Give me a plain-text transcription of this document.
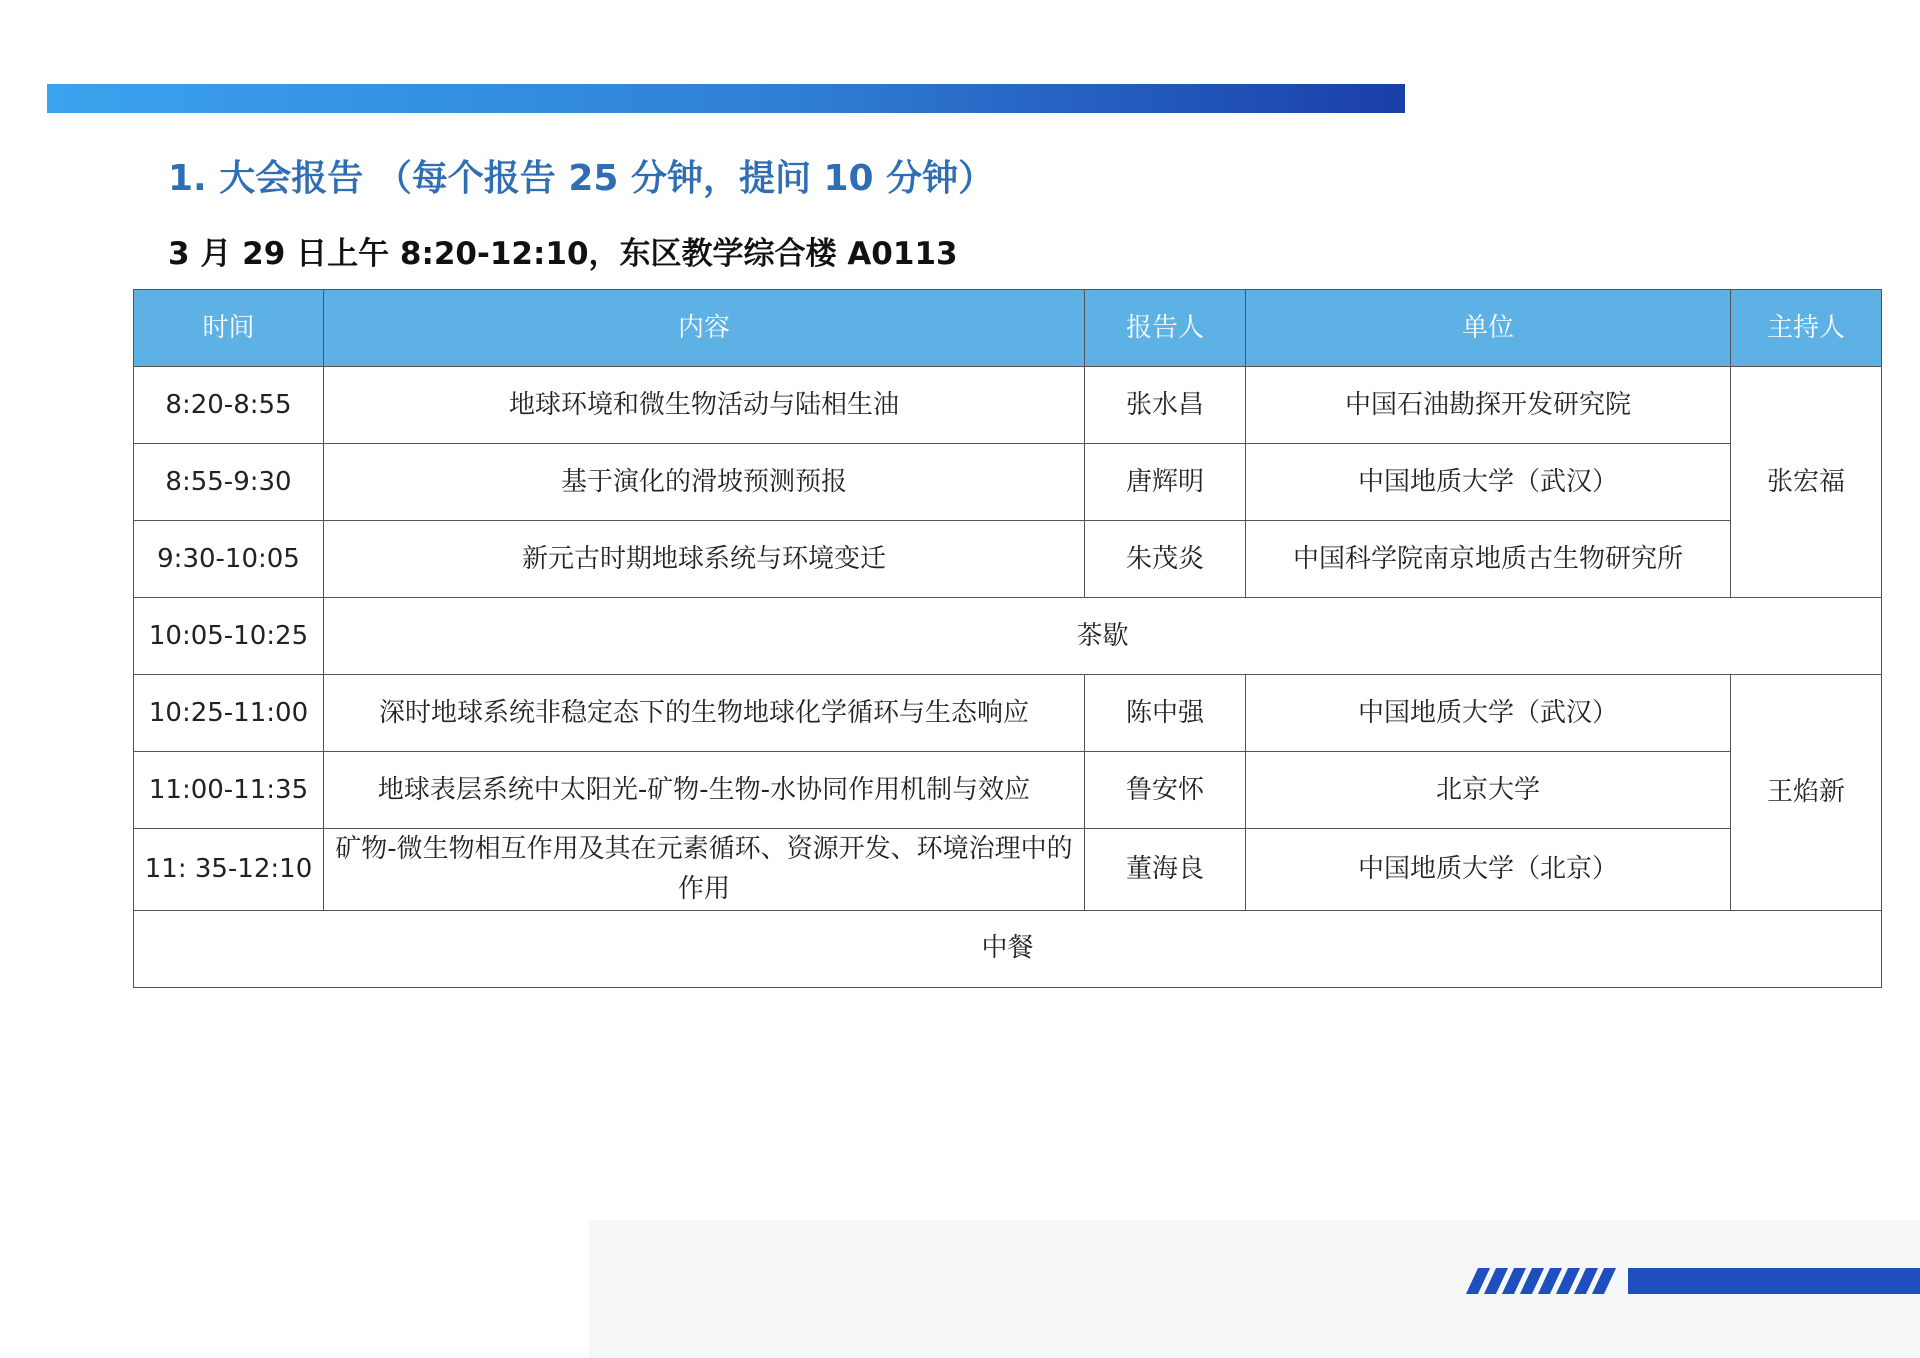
1. 大会报告 （每个报告 25 分钟，提问 10 分钟）
3 月 29 日上午 8:20-12:10，东区教学综合楼 A0113
时间	内容	报告人	单位	主持人
8:20-8:55	地球环境和微生物活动与陆相生油	张水昌	中国石油勘探开发研究院	张宏福
8:55-9:30	基于演化的滑坡预测预报	唐辉明	中国地质大学（武汉）	
9:30-10:05	新元古时期地球系统与环境变迁	朱茂炎	中国科学院南京地质古生物研究所	
10:05-10:25	茶歇			
10:25-11:00	深时地球系统非稳定态下的生物地球化学循环与生态响应	陈中强	中国地质大学（武汉）	王焰新
11:00-11:35	地球表层系统中太阳光-矿物-生物-水协同作用机制与效应	鲁安怀	北京大学	
11: 35-12:10	矿物-微生物相互作用及其在元素循环、资源开发、环境治理中的作用	董海良	中国地质大学（北京）	
中餐				
